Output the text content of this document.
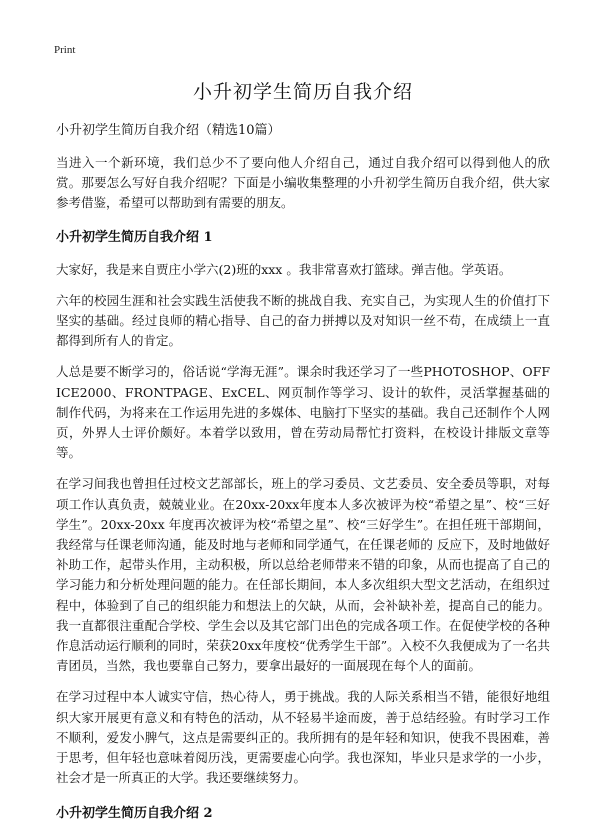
Print
小升初学生简历自我介绍
小升初学生简历自我介绍（精选10篇）

当进入一个新环境，我们总少不了要向他人介绍自己，通过自我介绍可以得到他人的欣赏。那要怎么写好自我介绍呢？下面是小编收集整理的小升初学生简历自我介绍，供大家参考借鉴，希望可以帮助到有需要的朋友。

小升初学生简历自我介绍 1

大家好，我是来自贾庄小学六(2)班的xxx 。我非常喜欢打篮球。弹吉他。学英语。

六年的校园生涯和社会实践生活使我不断的挑战自我、充实自己，为实现人生的价值打下坚实的基础。经过良师的精心指导、自己的奋力拼搏以及对知识一丝不苟，在成绩上一直都得到所有人的肯定。

人总是要不断学习的，俗话说“学海无涯”。课余时我还学习了一些PHOTOSHOP、OFFICE2000、FRONTPAGE、ExCEL、网页制作等学习、设计的软件，灵活掌握基础的制作代码，为将来在工作运用先进的多媒体、电脑打下坚实的基础。我自己还制作个人网页，外界人士评价颇好。本着学以致用，曾在劳动局帮忙打资料，在校设计排版文章等等。

在学习间我也曾担任过校文艺部部长，班上的学习委员、文艺委员、安全委员等职，对每项工作认真负责，兢兢业业。在20xx-20xx年度本人多次被评为校“希望之星”、校“三好学生”。20xx-20xx 年度再次被评为校“希望之星”、校“三好学生”。在担任班干部期间，我经常与任课老师沟通，能及时地与老师和同学通气，在任课老师的 反应下，及时地做好补助工作，起带头作用，主动积极，所以总给老师带来不错的印象，从而也提高了自己的学习能力和分析处理问题的能力。在任部长期间，本人多次组织大型文艺活动，在组织过程中，体验到了自己的组织能力和想法上的欠缺，从而，会补缺补差，提高自己的能力。我一直都很注重配合学校、学生会以及其它部门出色的完成各项工作。在促使学校的各种作息活动运行顺利的同时，荣获20xx年度校“优秀学生干部”。入校不久我便成为了一名共青团员，当然，我也要靠自己努力，要拿出最好的一面展现在每个人的面前。

在学习过程中本人诚实守信，热心待人，勇于挑战。我的人际关系相当不错，能很好地组织大家开展更有意义和有特色的活动，从不轻易半途而废，善于总结经验。有时学习工作不顺利，爱发小脾气，这点是需要纠正的。我所拥有的是年轻和知识，使我不畏困难，善于思考，但年轻也意味着阅历浅，更需要虚心向学。我也深知，毕业只是求学的一小步，社会才是一所真正的大学。我还要继续努力。

小升初学生简历自我介绍 2
